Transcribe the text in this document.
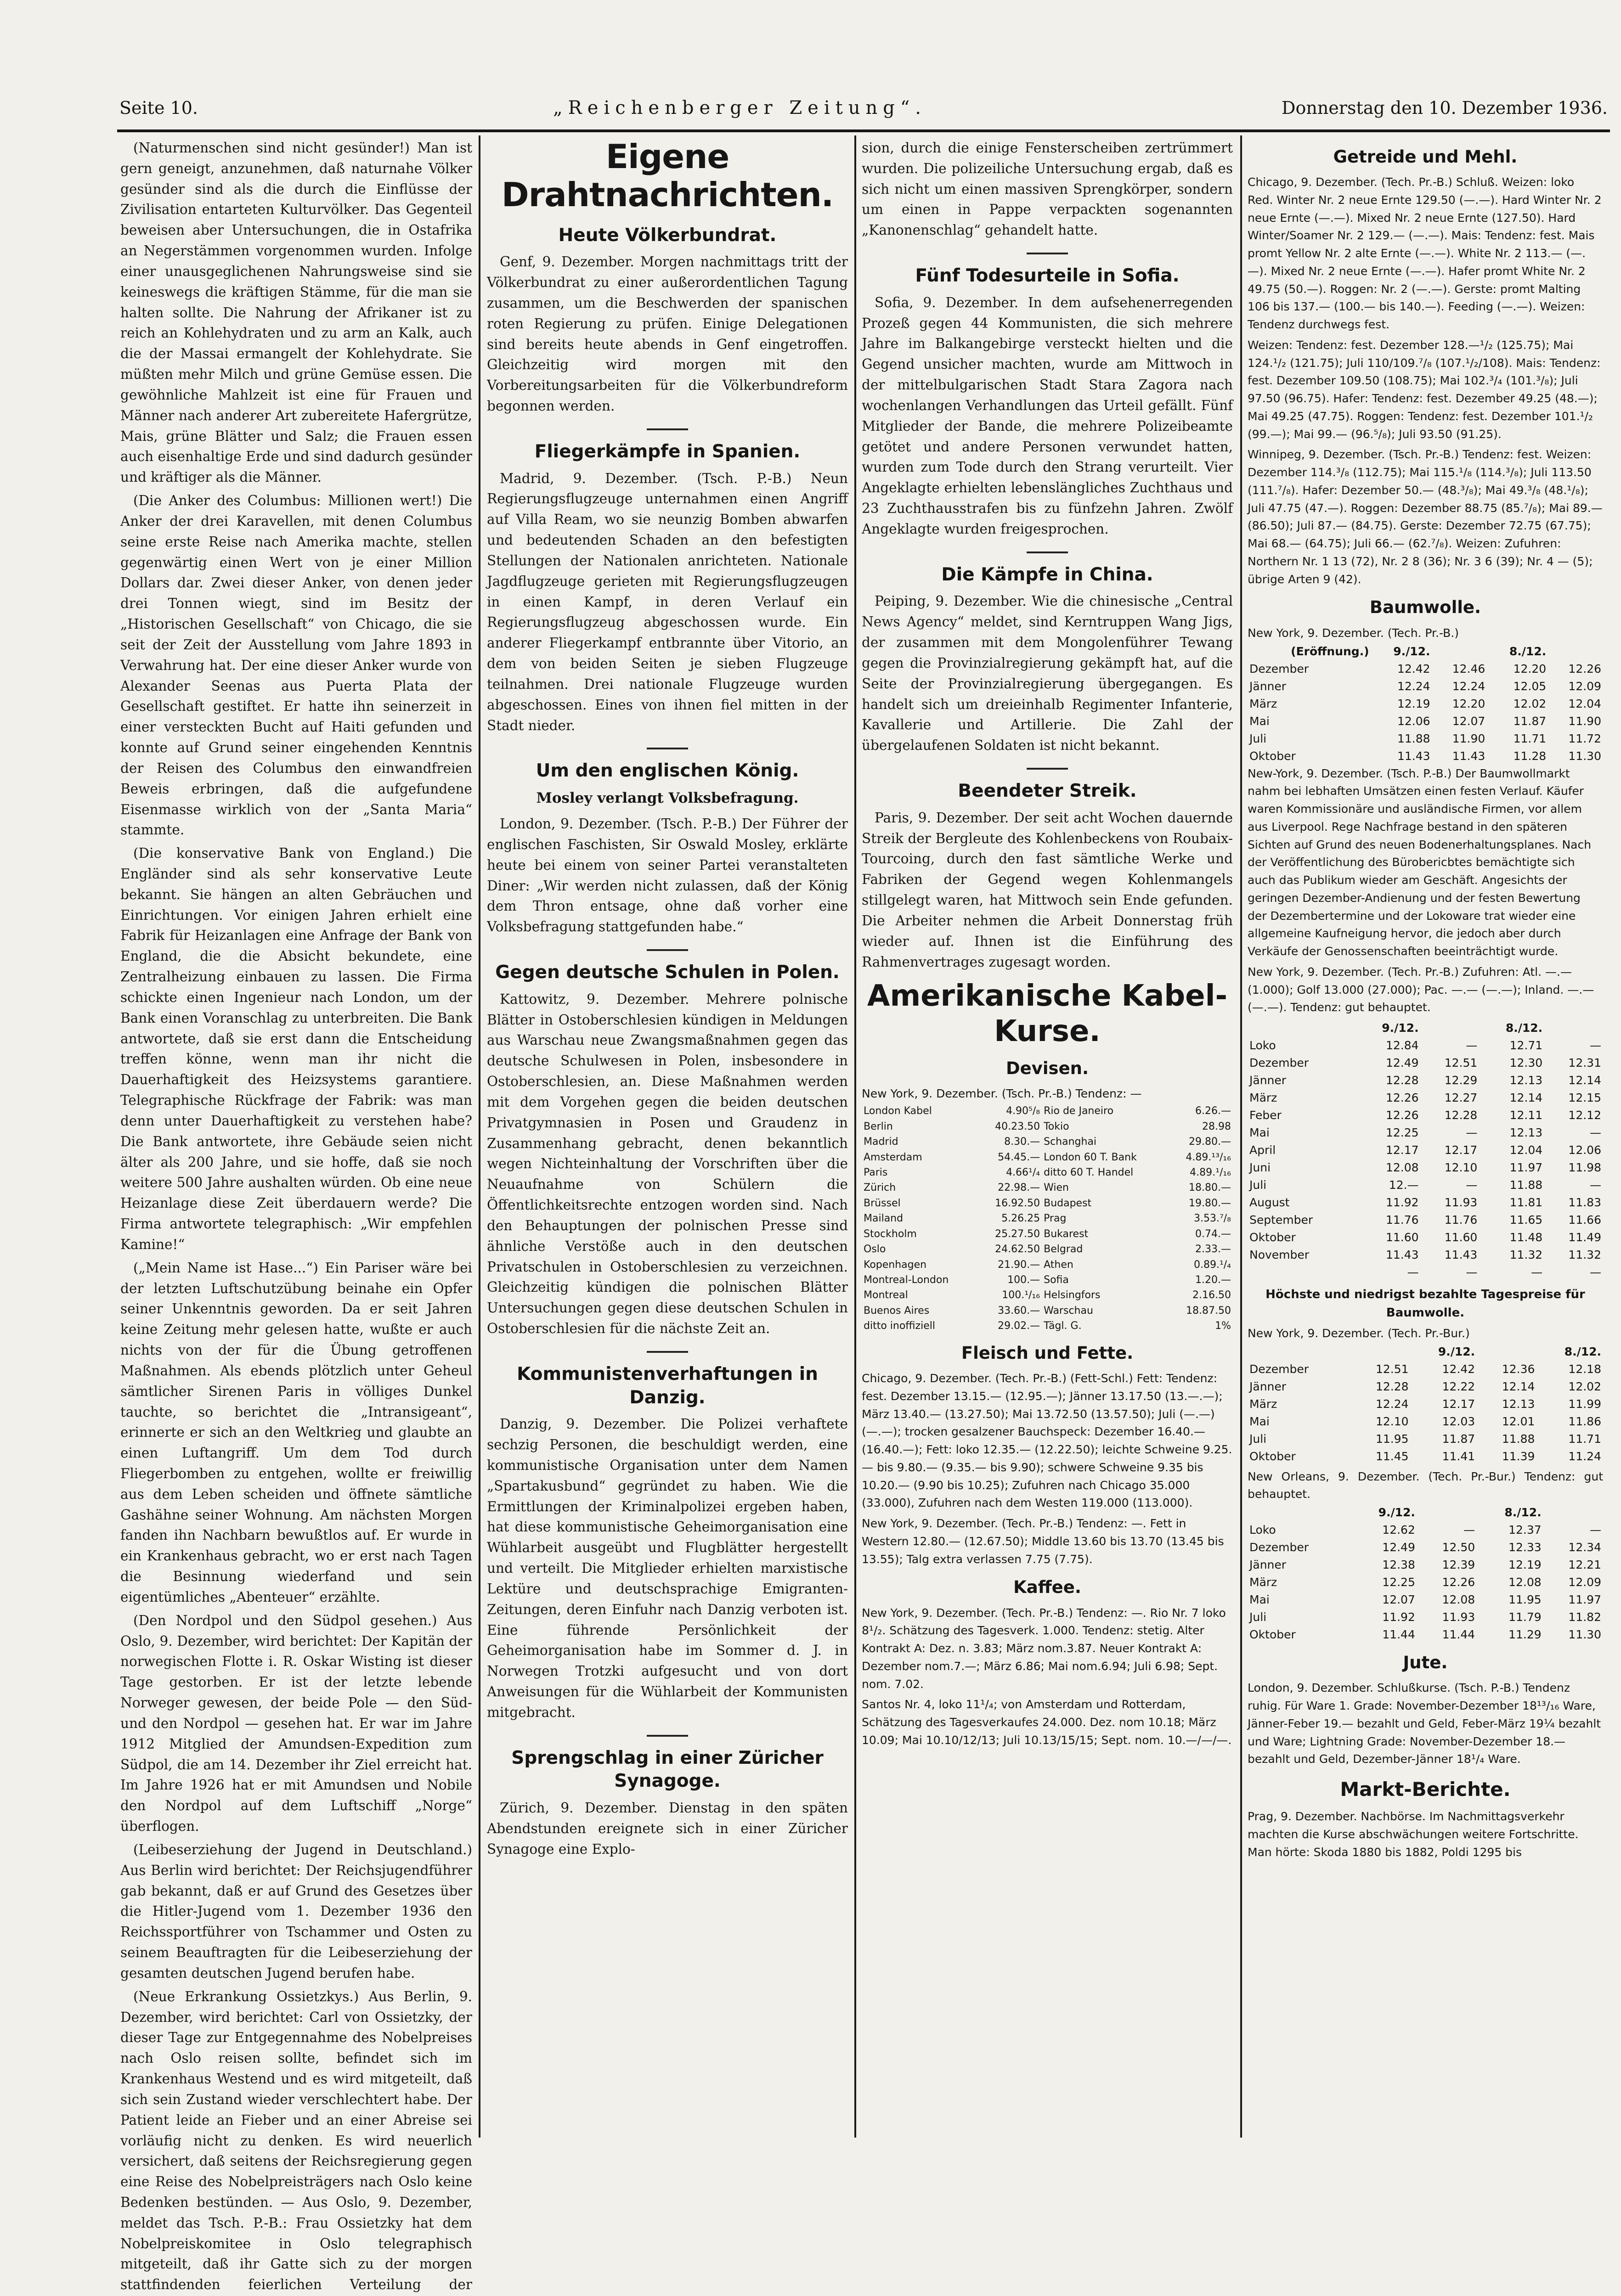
Seite 10.	„Reichenberger Zeitung“.	Donnerstag den 10. Dezember 1936.

(Naturmenschen sind nicht gesünder!) Man ist gern geneigt, anzunehmen, daß naturnahe Völker gesünder sind als die durch die Einflüsse der Zivilisation entarteten Kulturvölker. Das Gegenteil beweisen aber Untersuchungen, die in Ostafrika an Negerstämmen vorgenommen wurden. Infolge einer unausgeglichenen Nahrungsweise sind sie keineswegs die kräftigen Stämme, für die man sie halten sollte. Die Nahrung der Afrikaner ist zu reich an Kohlehydraten und zu arm an Kalk, auch die der Massai ermangelt der Kohlehydrate. Sie müßten mehr Milch und grüne Gemüse essen. Die gewöhnliche Mahlzeit ist eine für Frauen und Männer nach anderer Art zubereitete Hafergrütze, Mais, grüne Blätter und Salz; die Frauen essen auch eisenhaltige Erde und sind dadurch gesünder und kräftiger als die Männer.

(Die Anker des Columbus: Millionen wert!) Die Anker der drei Karavellen, mit denen Columbus seine erste Reise nach Amerika machte, stellen gegenwärtig einen Wert von je einer Million Dollars dar. Zwei dieser Anker, von denen jeder drei Tonnen wiegt, sind im Besitz der „Historischen Gesellschaft“ von Chicago, die sie seit der Zeit der Ausstellung vom Jahre 1893 in Verwahrung hat. Der eine dieser Anker wurde von Alexander Seenas aus Puerta Plata der Gesellschaft gestiftet. Er hatte ihn seinerzeit in einer versteckten Bucht auf Haiti gefunden und konnte auf Grund seiner eingehenden Kenntnis der Reisen des Columbus den einwandfreien Beweis erbringen, daß die aufgefundene Eisenmasse wirklich von der „Santa Maria“ stammte.

(Die konservative Bank von England.) Die Engländer sind als sehr konservative Leute bekannt. Sie hängen an alten Gebräuchen und Einrichtungen. Vor einigen Jahren erhielt eine Fabrik für Heizanlagen eine Anfrage der Bank von England, die die Absicht bekundete, eine Zentralheizung einbauen zu lassen. Die Firma schickte einen Ingenieur nach London, um der Bank einen Voranschlag zu unterbreiten. Die Bank antwortete, daß sie erst dann die Entscheidung treffen könne, wenn man ihr nicht die Dauerhaftigkeit des Heizsystems garantiere. Telegraphische Rückfrage der Fabrik: was man denn unter Dauerhaftigkeit zu verstehen habe? Die Bank antwortete, ihre Gebäude seien nicht älter als 200 Jahre, und sie hoffe, daß sie noch weitere 500 Jahre aushalten würden. Ob eine neue Heizanlage diese Zeit überdauern werde? Die Firma antwortete telegraphisch: „Wir empfehlen Kamine!“

(„Mein Name ist Hase...“) Ein Pariser wäre bei der letzten Luftschutzübung beinahe ein Opfer seiner Unkenntnis geworden. Da er seit Jahren keine Zeitung mehr gelesen hatte, wußte er auch nichts von der für die Übung getroffenen Maßnahmen. Als ebends plötzlich unter Geheul sämtlicher Sirenen Paris in völliges Dunkel tauchte, so berichtet die „Intransigeant“, erinnerte er sich an den Weltkrieg und glaubte an einen Luftangriff. Um dem Tod durch Fliegerbomben zu entgehen, wollte er freiwillig aus dem Leben scheiden und öffnete sämtliche Gashähne seiner Wohnung. Am nächsten Morgen fanden ihn Nachbarn bewußtlos auf. Er wurde in ein Krankenhaus gebracht, wo er erst nach Tagen die Besinnung wiederfand und sein eigentümliches „Abenteuer“ erzählte.

(Den Nordpol und den Südpol gesehen.) Aus Oslo, 9. Dezember, wird berichtet: Der Kapitän der norwegischen Flotte i. R. Oskar Wisting ist dieser Tage gestorben. Er ist der letzte lebende Norweger gewesen, der beide Pole — den Süd- und den Nordpol — gesehen hat. Er war im Jahre 1912 Mitglied der Amundsen-Expedition zum Südpol, die am 14. Dezember ihr Ziel erreicht hat. Im Jahre 1926 hat er mit Amundsen und Nobile den Nordpol auf dem Luftschiff „Norge“ überflogen.

(Leibeserziehung der Jugend in Deutschland.) Aus Berlin wird berichtet: Der Reichsjugendführer gab bekannt, daß er auf Grund des Gesetzes über die Hitler-Jugend vom 1. Dezember 1936 den Reichssportführer von Tschammer und Osten zu seinem Beauftragten für die Leibeserziehung der gesamten deutschen Jugend berufen habe.

(Neue Erkrankung Ossietzkys.) Aus Berlin, 9. Dezember, wird berichtet: Carl von Ossietzky, der dieser Tage zur Entgegennahme des Nobelpreises nach Oslo reisen sollte, befindet sich im Krankenhaus Westend und es wird mitgeteilt, daß sich sein Zustand wieder verschlechtert habe. Der Patient leide an Fieber und an einer Abreise sei vorläufig nicht zu denken. Es wird neuerlich versichert, daß seitens der Reichsregierung gegen eine Reise des Nobelpreisträgers nach Oslo keine Bedenken bestünden. — Aus Oslo, 9. Dezember, meldet das Tsch. P.-B.: Frau Ossietzky hat dem Nobelpreiskomitee in Oslo telegraphisch mitgeteilt, daß ihr Gatte sich zu der morgen stattfindenden feierlichen Verteilung der

Eigene Drahtnachrichten.
Heute Völkerbundrat.

Genf, 9. Dezember. Morgen nachmittags tritt der Völkerbundrat zu einer außerordentlichen Tagung zusammen, um die Beschwerden der spanischen roten Regierung zu prüfen. Einige Delegationen sind bereits heute abends in Genf eingetroffen. Gleichzeitig wird morgen mit den Vorbereitungsarbeiten für die Völkerbundreform begonnen werden.

Fliegerkämpfe in Spanien.

Madrid, 9. Dezember. (Tsch. P.-B.) Neun Regierungsflugzeuge unternahmen einen Angriff auf Villa Ream, wo sie neunzig Bomben abwarfen und bedeutenden Schaden an den befestigten Stellungen der Nationalen anrichteten. Nationale Jagdflugzeuge gerieten mit Regierungsflugzeugen in einen Kampf, in deren Verlauf ein Regierungsflugzeug abgeschossen wurde. Ein anderer Fliegerkampf entbrannte über Vitorio, an dem von beiden Seiten je sieben Flugzeuge teilnahmen. Drei nationale Flugzeuge wurden abgeschossen. Eines von ihnen fiel mitten in der Stadt nieder.

Um den englischen König.
Mosley verlangt Volksbefragung.

London, 9. Dezember. (Tsch. P.-B.) Der Führer der englischen Faschisten, Sir Oswald Mosley, erklärte heute bei einem von seiner Partei veranstalteten Diner: „Wir werden nicht zulassen, daß der König dem Thron entsage, ohne daß vorher eine Volksbefragung stattgefunden habe.“

Gegen deutsche Schulen in Polen.

Kattowitz, 9. Dezember. Mehrere polnische Blätter in Ostoberschlesien kündigen in Meldungen aus Warschau neue Zwangsmaßnahmen gegen das deutsche Schulwesen in Polen, insbesondere in Ostoberschlesien, an. Diese Maßnahmen werden mit dem Vorgehen gegen die beiden deutschen Privatgymnasien in Posen und Graudenz in Zusammenhang gebracht, denen bekanntlich wegen Nichteinhaltung der Vorschriften über die Neuaufnahme von Schülern die Öffentlichkeitsrechte entzogen worden sind. Nach den Behauptungen der polnischen Presse sind ähnliche Verstöße auch in den deutschen Privatschulen in Ostoberschlesien zu verzeichnen. Gleichzeitig kündigen die polnischen Blätter Untersuchungen gegen diese deutschen Schulen in Ostoberschlesien für die nächste Zeit an.

Kommunistenverhaftungen in Danzig.

Danzig, 9. Dezember. Die Polizei verhaftete sechzig Personen, die beschuldigt werden, eine kommunistische Organisation unter dem Namen „Spartakusbund“ gegründet zu haben. Wie die Ermittlungen der Kriminalpolizei ergeben haben, hat diese kommunistische Geheimorganisation eine Wühlarbeit ausgeübt und Flugblätter hergestellt und verteilt. Die Mitglieder erhielten marxistische Lektüre und deutschsprachige Emigranten-Zeitungen, deren Einfuhr nach Danzig verboten ist. Eine führende Persönlichkeit der Geheimorganisation habe im Sommer d. J. in Norwegen Trotzki aufgesucht und von dort Anweisungen für die Wühlarbeit der Kommunisten mitgebracht.

Sprengschlag in einer Züricher Synagoge.

Zürich, 9. Dezember. Dienstag in den späten Abendstunden ereignete sich in einer Züricher Synagoge eine Explo-

sion, durch die einige Fensterscheiben zertrümmert wurden. Die polizeiliche Untersuchung ergab, daß es sich nicht um einen massiven Sprengkörper, sondern um einen in Pappe verpackten sogenannten „Kanonenschlag“ gehandelt hatte.

Fünf Todesurteile in Sofia.

Sofia, 9. Dezember. In dem aufsehenerregenden Prozeß gegen 44 Kommunisten, die sich mehrere Jahre im Balkangebirge versteckt hielten und die Gegend unsicher machten, wurde am Mittwoch in der mittelbulgarischen Stadt Stara Zagora nach wochenlangen Verhandlungen das Urteil gefällt. Fünf Mitglieder der Bande, die mehrere Polizeibeamte getötet und andere Personen verwundet hatten, wurden zum Tode durch den Strang verurteilt. Vier Angeklagte erhielten lebenslängliches Zuchthaus und 23 Zuchthausstrafen bis zu fünfzehn Jahren. Zwölf Angeklagte wurden freigesprochen.

Die Kämpfe in China.

Peiping, 9. Dezember. Wie die chinesische „Central News Agency“ meldet, sind Kerntruppen Wang Jigs, der zusammen mit dem Mongolenführer Tewang gegen die Provinzialregierung gekämpft hat, auf die Seite der Provinzialregierung übergegangen. Es handelt sich um dreieinhalb Regimenter Infanterie, Kavallerie und Artillerie. Die Zahl der übergelaufenen Soldaten ist nicht bekannt.

Beendeter Streik.

Paris, 9. Dezember. Der seit acht Wochen dauernde Streik der Bergleute des Kohlenbeckens von Roubaix-Tourcoing, durch den fast sämtliche Werke und Fabriken der Gegend wegen Kohlenmangels stillgelegt waren, hat Mittwoch sein Ende gefunden. Die Arbeiter nehmen die Arbeit Donnerstag früh wieder auf. Ihnen ist die Einführung des Rahmenvertrages zugesagt worden.

Amerikanische Kabel-Kurse.
Devisen.
New York, 9. Dezember. (Tsch. Pr.-B.) Tendenz: —
London Kabel	4.90⁵/₈	Rio de Janeiro	6.26.—
Berlin	40.23.50	Tokio	28.98
Madrid	8.30.—	Schanghai	29.80.—
Amsterdam	54.45.—	London 60 T. Bank	4.89.¹³/₁₆
Paris	4.66¹/₄	ditto 60 T. Handel	4.89.¹/₁₆
Zürich	22.98.—	Wien	18.80.—
Brüssel	16.92.50	Budapest	19.80.—
Mailand	5.26.25	Prag	3.53.⁷/₈
Stockholm	25.27.50	Bukarest	0.74.—
Oslo	24.62.50	Belgrad	2.33.—
Kopenhagen	21.90.—	Athen	0.89.¹/₄
Montreal-London	100.—	Sofia	1.20.—
Montreal	100.¹/₁₆	Helsingfors	2.16.50
Buenos Aires	33.60.—	Warschau	18.87.50
ditto inoffiziell	29.02.—	Tägl. G.	1%
Fleisch und Fette.

Chicago, 9. Dezember. (Tech. Pr.-B.) (Fett-Schl.) Fett: Tendenz: fest. Dezember 13.15.— (12.95.—); Jänner 13.17.50 (13.—.—); März 13.40.— (13.27.50); Mai 13.72.50 (13.57.50); Juli (—.—) (—.—); trocken gesalzener Bauchspeck: Dezember 16.40.— (16.40.—); Fett: loko 12.35.— (12.22.50); leichte Schweine 9.25.— bis 9.80.— (9.35.— bis 9.90); schwere Schweine 9.35 bis 10.20.— (9.90 bis 10.25); Zufuhren nach Chicago 35.000 (33.000), Zufuhren nach dem Westen 119.000 (113.000).

New York, 9. Dezember. (Tech. Pr.-B.) Tendenz: —. Fett in Western 12.80.— (12.67.50); Middle 13.60 bis 13.70 (13.45 bis 13.55); Talg extra verlassen 7.75 (7.75).

Kaffee.

New York, 9. Dezember. (Tech. Pr.-B.) Tendenz: —. Rio Nr. 7 loko 8¹/₂. Schätzung des Tagesverk. 1.000. Tendenz: stetig. Alter Kontrakt A: Dez. n. 3.83; März nom.3.87. Neuer Kontrakt A: Dezember nom.7.—; März 6.86; Mai nom.6.94; Juli 6.98; Sept. nom. 7.02.

Santos Nr. 4, loko 11¹/₄; von Amsterdam und Rotterdam, Schätzung des Tagesverkaufes 24.000. Dez. nom 10.18; März 10.09; Mai 10.10/12/13; Juli 10.13/15/15; Sept. nom. 10.—/—/—.

Getreide und Mehl.

Chicago, 9. Dezember. (Tech. Pr.-B.) Schluß. Weizen: loko Red. Winter Nr. 2 neue Ernte 129.50 (—.—). Hard Winter Nr. 2 neue Ernte (—.—). Mixed Nr. 2 neue Ernte (127.50). Hard Winter/Soamer Nr. 2 129.— (—.—). Mais: Tendenz: fest. Mais promt Yellow Nr. 2 alte Ernte (—.—). White Nr. 2 113.— (—.—). Mixed Nr. 2 neue Ernte (—.—). Hafer promt White Nr. 2 49.75 (50.—). Roggen: Nr. 2 (—.—). Gerste: promt Malting 106 bis 137.— (100.— bis 140.—). Feeding (—.—). Weizen: Tendenz durchwegs fest.

Weizen: Tendenz: fest. Dezember 128.—¹/₂ (125.75); Mai 124.¹/₂ (121.75); Juli 110/109.⁷/₈ (107.¹/₂/108). Mais: Tendenz: fest. Dezember 109.50 (108.75); Mai 102.³/₄ (101.³/₈); Juli 97.50 (96.75). Hafer: Tendenz: fest. Dezember 49.25 (48.—); Mai 49.25 (47.75). Roggen: Tendenz: fest. Dezember 101.¹/₂ (99.—); Mai 99.— (96.⁵/₈); Juli 93.50 (91.25).

Winnipeg, 9. Dezember. (Tsch. Pr.-B.) Tendenz: fest. Weizen: Dezember 114.³/₈ (112.75); Mai 115.¹/₈ (114.³/₈); Juli 113.50 (111.⁷/₈). Hafer: Dezember 50.— (48.³/₈); Mai 49.³/₈ (48.¹/₈); Juli 47.75 (47.—). Roggen: Dezember 88.75 (85.⁷/₈); Mai 89.— (86.50); Juli 87.— (84.75). Gerste: Dezember 72.75 (67.75); Mai 68.— (64.75); Juli 66.— (62.⁷/₈). Weizen: Zufuhren: Northern Nr. 1 13 (72), Nr. 2 8 (36); Nr. 3 6 (39); Nr. 4 — (5); übrige Arten 9 (42).

Baumwolle.
New York, 9. Dezember. (Tech. Pr.-B.)
(Eröffnung.)	9./12.		8./12.	
Dezember	12.42	12.46	12.20	12.26
Jänner	12.24	12.24	12.05	12.09
März	12.19	12.20	12.02	12.04
Mai	12.06	12.07	11.87	11.90
Juli	11.88	11.90	11.71	11.72
Oktober	11.43	11.43	11.28	11.30

New-York, 9. Dezember. (Tsch. P.-B.) Der Baumwollmarkt nahm bei lebhaften Umsätzen einen festen Verlauf. Käufer waren Kommissionäre und ausländische Firmen, vor allem aus Liverpool. Rege Nachfrage bestand in den späteren Sichten auf Grund des neuen Bodenerhaltungsplanes. Nach der Veröffentlichung des Bürobericbtes bemächtigte sich auch das Publikum wieder am Geschäft. Angesichts der geringen Dezember-Andienung und der festen Bewertung der Dezembertermine und der Lokoware trat wieder eine allgemeine Kaufneigung hervor, die jedoch aber durch Verkäufe der Genossenschaften beeinträchtigt wurde.

New York, 9. Dezember. (Tech. Pr.-B.) Zufuhren: Atl. —.— (1.000); Golf 13.000 (27.000); Pac. —.— (—.—); Inland. —.— (—.—). Tendenz: gut behauptet.

	9./12.		8./12.	
Loko	12.84	—	12.71	—
Dezember	12.49	12.51	12.30	12.31
Jänner	12.28	12.29	12.13	12.14
März	12.26	12.27	12.14	12.15
Feber	12.26	12.28	12.11	12.12
Mai	12.25	—	12.13	—
April	12.17	12.17	12.04	12.06
Juni	12.08	12.10	11.97	11.98
Juli	12.—	—	11.88	—
August	11.92	11.93	11.81	11.83
September	11.76	11.76	11.65	11.66
Oktober	11.60	11.60	11.48	11.49
November	11.43	11.43	11.32	11.32
	—	—	—	—
Höchste und niedrigst bezahlte Tagespreise für Baumwolle.
New York, 9. Dezember. (Tech. Pr.-Bur.)
		9./12.		8./12.
Dezember	12.51	12.42	12.36	12.18
Jänner	12.28	12.22	12.14	12.02
März	12.24	12.17	12.13	11.99
Mai	12.10	12.03	12.01	11.86
Juli	11.95	11.87	11.88	11.71
Oktober	11.45	11.41	11.39	11.24
New Orleans, 9. Dezember. (Tech. Pr.-Bur.) Tendenz: gut behauptet.
	9./12.		8./12.	
Loko	12.62	—	12.37	—
Dezember	12.49	12.50	12.33	12.34
Jänner	12.38	12.39	12.19	12.21
März	12.25	12.26	12.08	12.09
Mai	12.07	12.08	11.95	11.97
Juli	11.92	11.93	11.79	11.82
Oktober	11.44	11.44	11.29	11.30
Jute.

London, 9. Dezember. Schlußkurse. (Tsch. P.-B.) Tendenz ruhig. Für Ware 1. Grade: November-Dezember 18¹³/₁₆ Ware, Jänner-Feber 19.— bezahlt und Geld, Feber-März 19¼ bezahlt und Ware; Lightning Grade: November-Dezember 18.— bezahlt und Geld, Dezember-Jänner 18¹/₄ Ware.

Markt-Berichte.

Prag, 9. Dezember. Nachbörse. Im Nachmittagsverkehr machten die Kurse abschwächungen weitere Fortschritte. Man hörte: Skoda 1880 bis 1882, Poldi 1295 bis
